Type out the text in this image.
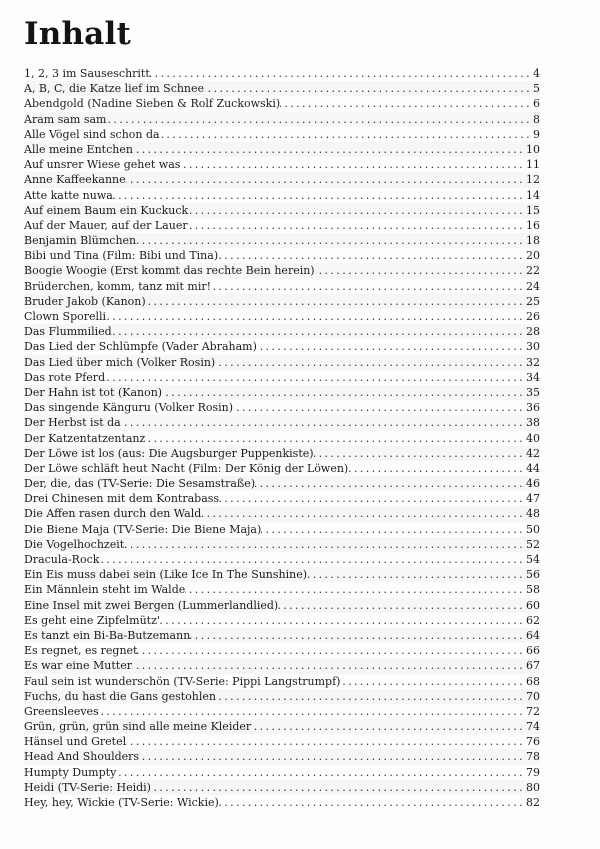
Inhalt
1, 2, 3 im Sauseschritt .....	4
A, B, C, die Katze lief im Schnee .....	5
Abendgold (Nadine Sieben & Rolf Zuckowski) .....	6
Aram sam sam .....	8
Alle Vögel sind schon da .....	9
Alle meine Entchen .....	10
Auf unsrer Wiese gehet was .....	11
Anne Kaffeekanne .....	12
Atte katte nuwa .....	14
Auf einem Baum ein Kuckuck .....	15
Auf der Mauer, auf der Lauer .....	16
Benjamin Blümchen .....	18
Bibi und Tina (Film: Bibi und Tina) .....	20
Boogie Woogie (Erst kommt das rechte Bein herein) .....	22
Brüderchen, komm, tanz mit mir! .....	24
Bruder Jakob (Kanon) .....	25
Clown Sporelli .....	26
Das Flummilied .....	28
Das Lied der Schlümpfe (Vader Abraham) .....	30
Das Lied über mich (Volker Rosin) .....	32
Das rote Pferd .....	34
Der Hahn ist tot (Kanon) .....	35
Das singende Känguru (Volker Rosin) .....	36
Der Herbst ist da .....	38
Der Katzentatzentanz .....	40
Der Löwe ist los (aus: Die Augsburger Puppenkiste) .....	42
Der Löwe schläft heut Nacht (Film: Der König der Löwen) .....	44
Der, die, das (TV-Serie: Die Sesamstraße) .....	46
Drei Chinesen mit dem Kontrabass .....	47
Die Affen rasen durch den Wald .....	48
Die Biene Maja (TV-Serie: Die Biene Maja) .....	50
Die Vogelhochzeit .....	52
Dracula-Rock .....	54
Ein Eis muss dabei sein (Like Ice In The Sunshine) .....	56
Ein Männlein steht im Walde .....	58
Eine Insel mit zwei Bergen (Lummerlandlied) .....	60
Es geht eine Zipfelmütz' .....	62
Es tanzt ein Bi-Ba-Butzemann .....	64
Es regnet, es regnet .....	66
Es war eine Mutter .....	67
Faul sein ist wunderschön (TV-Serie: Pippi Langstrumpf) .....	68
Fuchs, du hast die Gans gestohlen .....	70
Greensleeves .....	72
Grün, grün, grün sind alle meine Kleider .....	74
Hänsel und Gretel .....	76
Head And Shoulders .....	78
Humpty Dumpty .....	79
Heidi (TV-Serie: Heidi) .....	80
Hey, hey, Wickie (TV-Serie: Wickie) .....	82
